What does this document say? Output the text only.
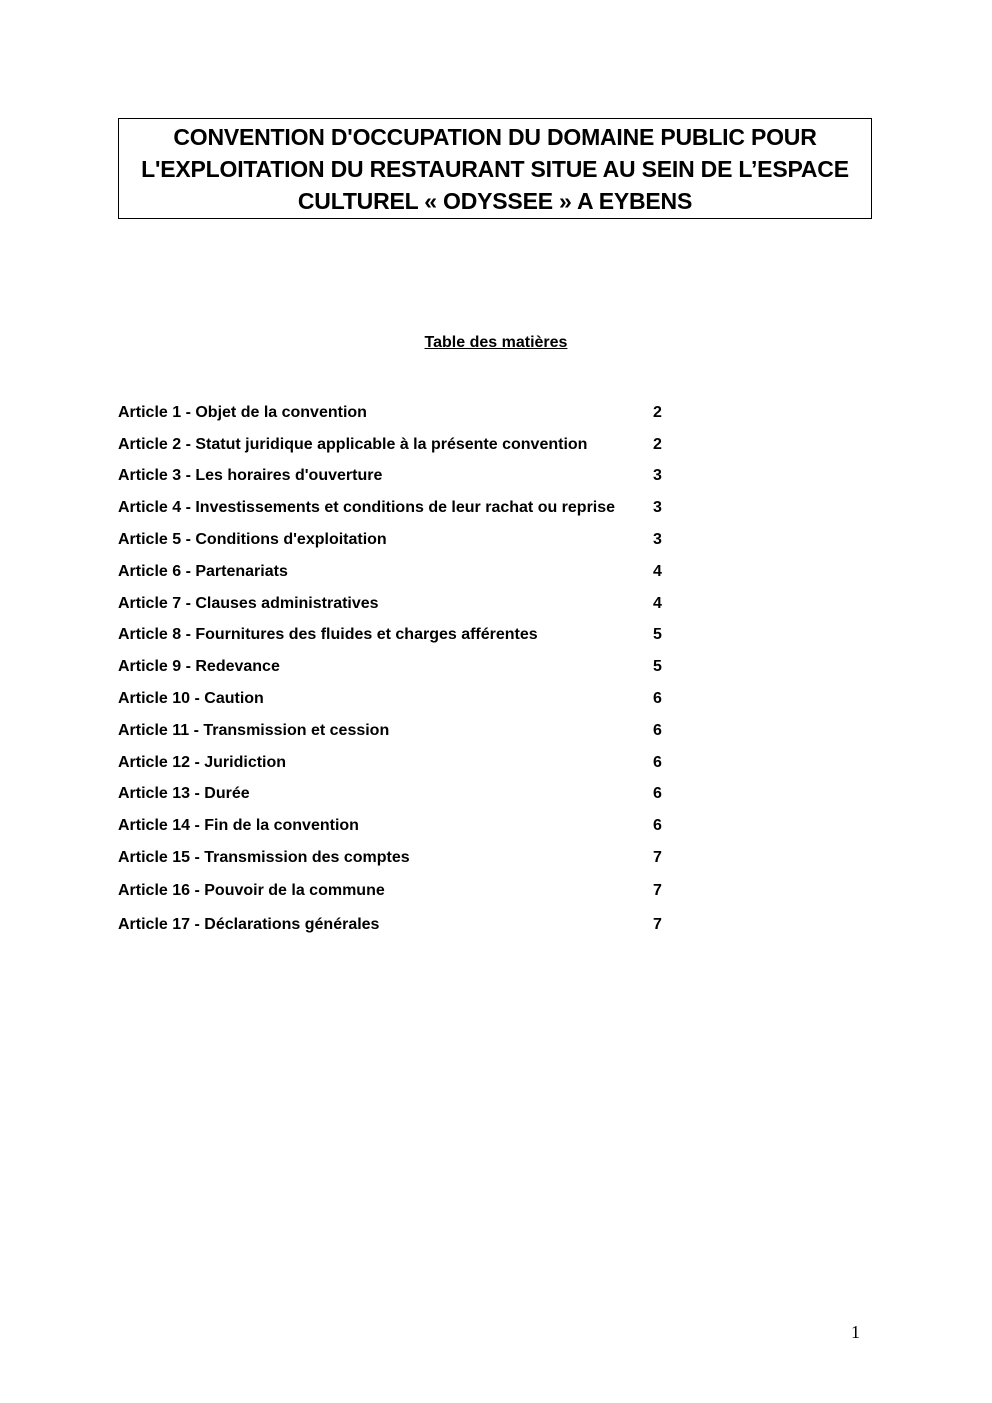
CONVENTION D'OCCUPATION DU DOMAINE PUBLIC POUR
L'EXPLOITATION DU RESTAURANT SITUE AU SEIN DE L’ESPACE
CULTUREL « ODYSSEE » A EYBENS
Table des matières
Article 1 - Objet de la convention	2
Article 2 - Statut juridique applicable à la présente convention	2
Article 3 - Les horaires d'ouverture	3
Article 4 - Investissements et conditions de leur rachat ou reprise 3
Article 5 - Conditions d'exploitation	3
Article 6 - Partenariats	4
Article 7 - Clauses administratives	4
Article 8 - Fournitures des fluides et charges afférentes	5
Article 9 - Redevance	5
Article 10 - Caution	6
Article 11 - Transmission et cession	6
Article 12 - Juridiction	6
Article 13 - Durée	6
Article 14 - Fin de la convention	6
Article 15 - Transmission des comptes	7
Article 16 - Pouvoir de la commune	7
Article 17 - Déclarations générales	7
1
